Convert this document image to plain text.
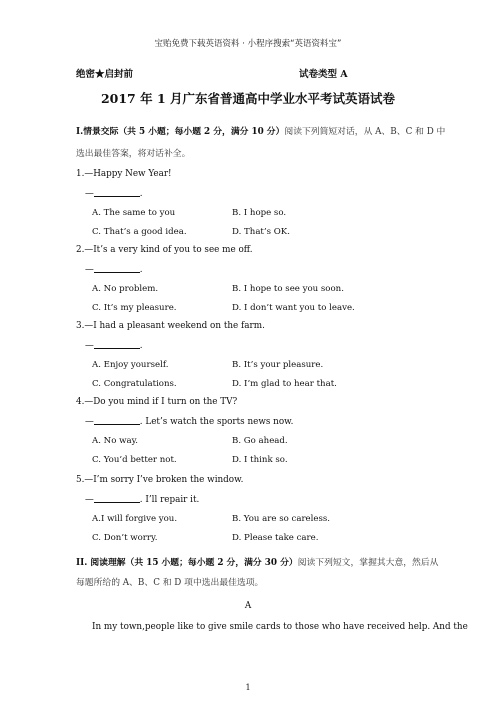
宝贻免费下载英语资料 · 小程序搜索“英语资料宝”
绝密★启封前	试卷类型 A
2017 年 1 月广东省普通高中学业水平考试英语试卷
I.情景交际（共 5 小题；每小题 2 分，满分 10 分）阅读下列简短对话，从 A、B、C 和 D 中
选出最佳答案，将对话补全。
1.—Happy New Year!
—	.
A. The same to you	B. I hope so.
C. That’s a good idea.	D. That’s OK.
2.—It’s a very kind of you to see me off.
—	.
A. No problem.	B. I hope to see you soon.
C. It’s my pleasure.	D. I don’t want you to leave.
3.—I had a pleasant weekend on the farm.
—	.
A. Enjoy yourself.	B. It’s your pleasure.
C. Congratulations.	D. I’m glad to hear that.
4.—Do you mind if I turn on the TV?
—	. Let’s watch the sports news now.
A. No way.	B. Go ahead.
C. You’d better not.	D. I think so.
5.—I’m sorry I’ve broken the window.
—	. I’ll repair it.
A.I will forgive you.	B. You are so careless.
C. Don’t worry.	D. Please take care.
II. 阅读理解（共 15 小题；每小题 2 分，满分 30 分）阅读下列短文，掌握其大意，然后从
每题所给的 A、B、C 和 D 项中选出最佳选项。
A
In my town,people like to give smile cards to those who have received help. And the
1
